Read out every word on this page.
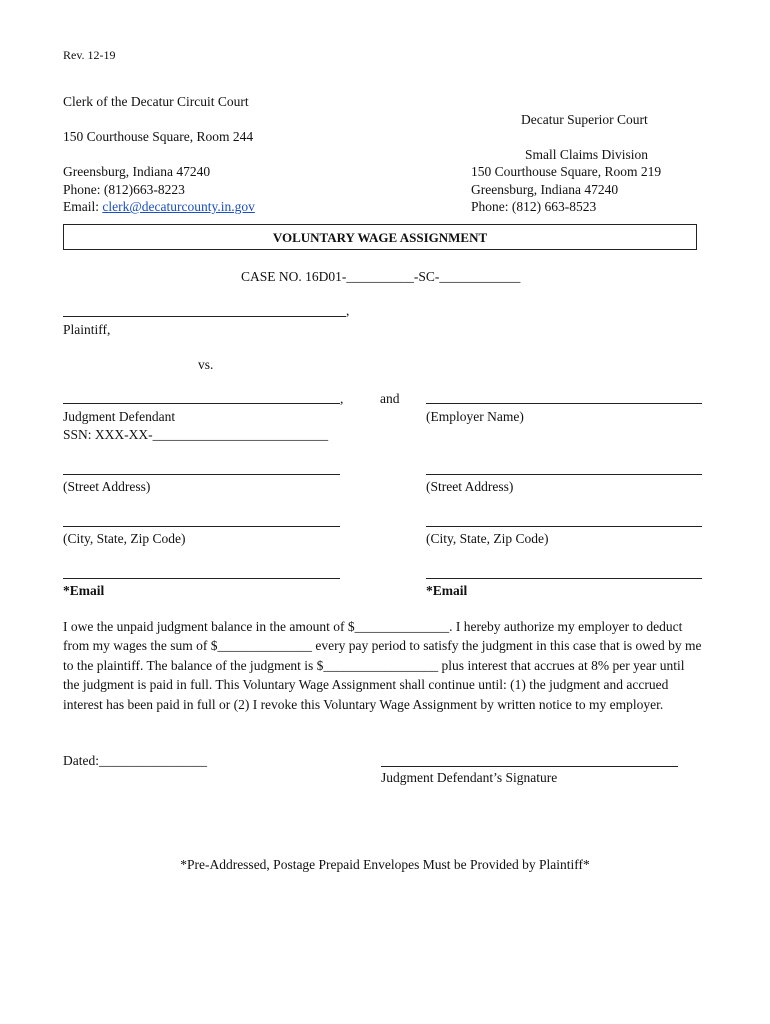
Rev. 12-19
Clerk of the Decatur Circuit Court
150 Courthouse Square, Room 244
Greensburg, Indiana 47240
Phone: (812)663-8223
Email: clerk@decaturcounty.in.gov
Decatur Superior Court
Small Claims Division
150 Courthouse Square, Room 219
Greensburg, Indiana 47240
Phone: (812) 663-8523
VOLUNTARY WAGE ASSIGNMENT
CASE NO. 16D01-__________-SC-____________
,
Plaintiff,
vs.
,	and
Judgment Defendant	(Employer Name)
SSN: XXX-XX-__________________________
(Street Address)	(Street Address)
(City, State, Zip Code)	(City, State, Zip Code)
*Email	*Email
I owe the unpaid judgment balance in the amount of $______________. I hereby authorize my employer to deduct from my wages the sum of $______________ every pay period to satisfy the judgment in this case that is owed by me to the plaintiff. The balance of the judgment is $_________________ plus interest that accrues at 8% per year until the judgment is paid in full. This Voluntary Wage Assignment shall continue until: (1) the judgment and accrued interest has been paid in full or (2) I revoke this Voluntary Wage Assignment by written notice to my employer.
Dated:________________
Judgment Defendant’s Signature
*Pre-Addressed, Postage Prepaid Envelopes Must be Provided by Plaintiff*
